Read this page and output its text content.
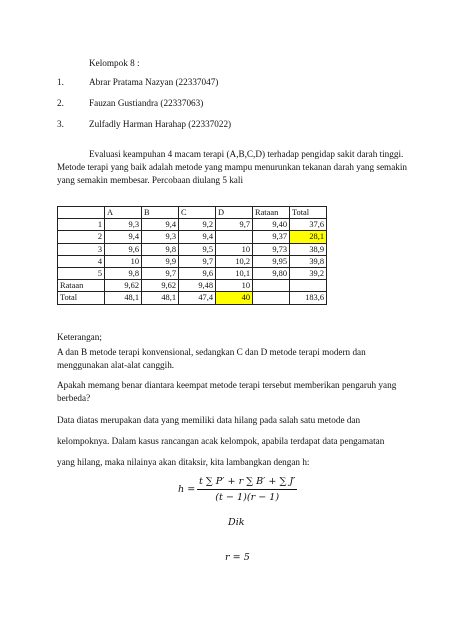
Kelompok 8 :
1.	Abrar Pratama Nazyan (22337047)
2.	Fauzan Gustiandra (22337063)
3.	Zulfadly Harman Harahap (22337022)
Evaluasi keampuhan 4 macam terapi (A,B,C,D) terhadap pengidap sakit darah tinggi.
Metode terapi yang baik adalah metode yang mampu menurunkan tekanan darah yang semakin
yang semakin membesar. Percobaan diulang 5 kali
	A	B	C	D	Rataan	Total
1	9,3	9,4	9,2	9,7	9,40	37,6
2	9,4	9,3	9,4		9,37	28,1
3	9,6	9,8	9,5	10	9,73	38,9
4	10	9,9	9,7	10,2	9,95	39,8
5	9,8	9,7	9,6	10,1	9,80	39,2
Rataan	9,62	9,62	9,48	10		
Total	48,1	48,1	47,4	40		183,6
Keterangan;
A dan B metode terapi konvensional, sedangkan C dan D metode terapi modern dan
menggunakan alat-alat canggih.
Apakah memang benar diantara keempat metode terapi tersebut memberikan pengaruh yang
berbeda?
Data diatas merupakan data yang memiliki data hilang pada salah satu metode dan
kelompoknya. Dalam kasus rancangan acak kelompok, apabila terdapat data pengamatan
yang hilang, maka nilainya akan ditaksir, kita lambangkan dengan h:
$h = \frac{t \sum P' + r \sum B' + \sum J'}{(t - 1)(r - 1)}$
Dik
r = 5
